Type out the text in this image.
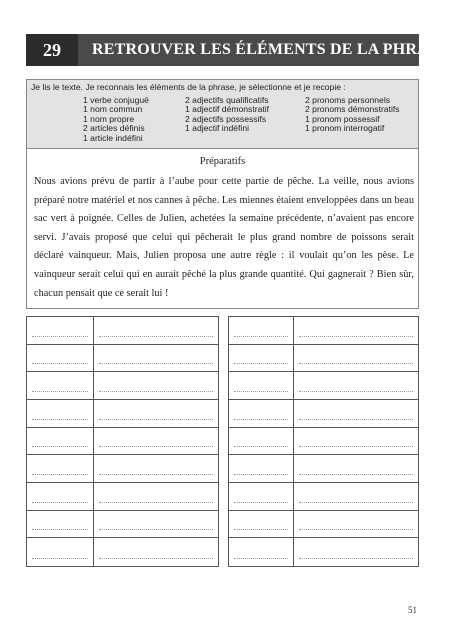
29	RETROUVER LES ÉLÉMENTS DE LA PHRASE
Je lis le texte. Je reconnais les éléments de la phrase, je sélectionne et je recopie :
1 verbe conjugué
1 nom commun
1 nom propre
2 articles définis
1 article indéfini
2 adjectifs qualificatifs
1 adjectif démonstratif
2 adjectifs possessifs
1 adjectif indéfini
2 pronoms personnels
2 pronoms démonstratifs
1 pronom possessif
1 pronom interrogatif
Préparatifs
Nous avions prévu de partir à l’aube pour cette partie de pêche. La veille, nous avions préparé notre matériel et nos cannes à pêche. Les miennes étaient enveloppées dans un beau sac vert à poignée. Celles de Julien, achetées la semaine précédente, n’avaient pas encore servi. J’avais proposé que celui qui pêcherait le plus grand nombre de poissons serait déclaré vainqueur. Mais, Julien proposa une autre règle : il voulait qu’on les pèse. Le vainqueur serait celui qui en aurait pêché la plus grande quantité. Qui gagnerait ? Bien sûr, chacun pensait que ce serait lui !
51
